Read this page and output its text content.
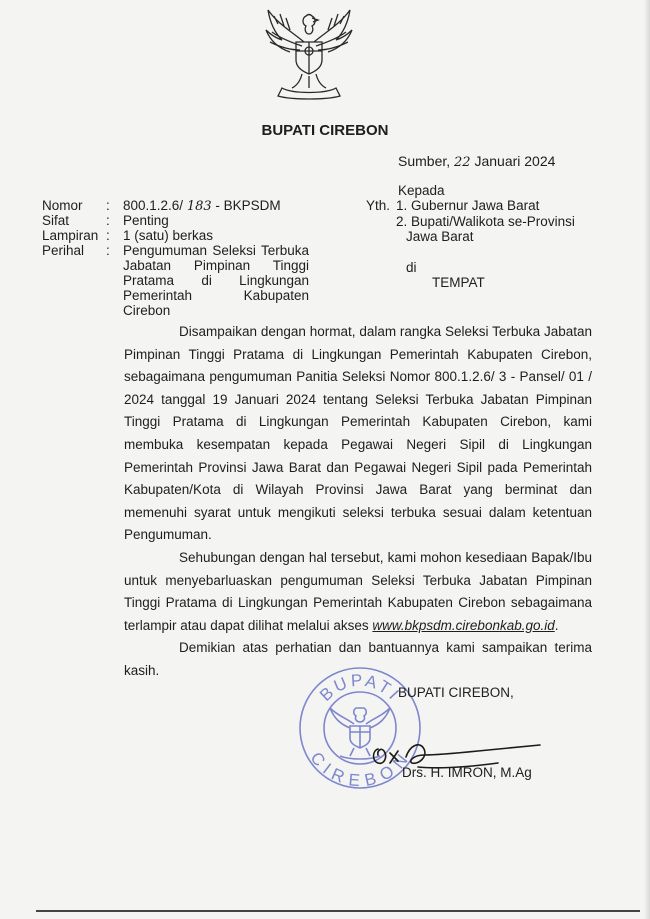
BUPATI CIREBON
Sumber, 22 Januari 2024
Nomor : 800.1.2.6/ 183 - BKPSDM
Sifat	: Penting
Lampiran : 1 (satu) berkas
Perihal : Pengumuman Seleksi Terbuka
Jabatan Pimpinan Tinggi
Pratama di Lingkungan
Pemerintah Kabupaten Cirebon
Kepada
Yth. 1. Gubernur Jawa Barat
2. Bupati/Walikota se-Provinsi
Jawa Barat
di
TEMPAT

Disampaikan dengan hormat, dalam rangka Seleksi Terbuka Jabatan Pimpinan Tinggi Pratama di Lingkungan Pemerintah Kabupaten Cirebon, sebagaimana pengumuman Panitia Seleksi Nomor 800.1.2.6/ 3 - Pansel/ 01 / 2024 tanggal 19 Januari 2024 tentang Seleksi Terbuka Jabatan Pimpinan Tinggi Pratama di Lingkungan Pemerintah Kabupaten Cirebon, kami membuka kesempatan kepada Pegawai Negeri Sipil di Lingkungan Pemerintah Provinsi Jawa Barat dan Pegawai Negeri Sipil pada Pemerintah Kabupaten/Kota di Wilayah Provinsi Jawa Barat yang berminat dan memenuhi syarat untuk mengikuti seleksi terbuka sesuai dalam ketentuan Pengumuman.

Sehubungan dengan hal tersebut, kami mohon kesediaan Bapak/Ibu untuk menyebarluaskan pengumuman Seleksi Terbuka Jabatan Pimpinan Tinggi Pratama di Lingkungan Pemerintah Kabupaten Cirebon sebagaimana terlampir atau dapat dilihat melalui akses www.bkpsdm.cirebonkab.go.id.

Demikian atas perhatian dan bantuannya kami sampaikan terima kasih.

BUPATI
CIREBON
BUPATI CIREBON,
Drs. H. IMRON, M.Ag
